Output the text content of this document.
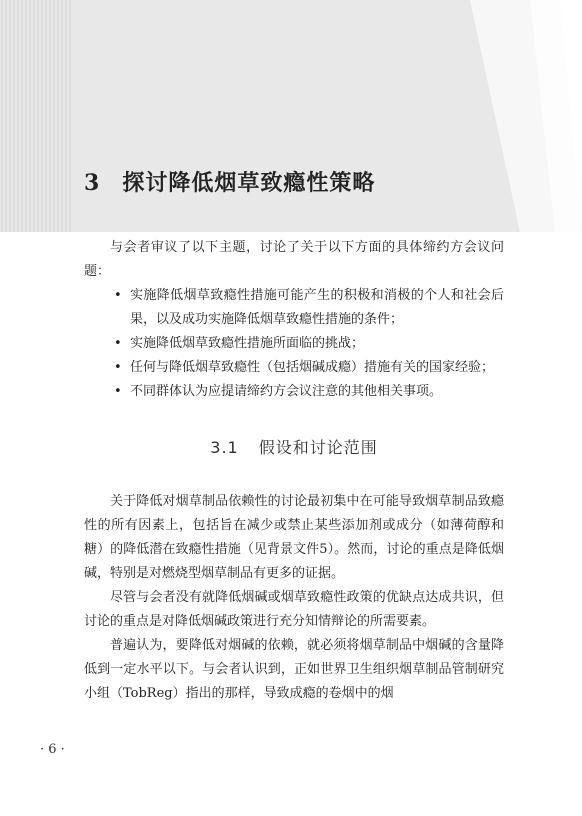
3 探讨降低烟草致瘾性策略

与会者审议了以下主题，讨论了关于以下方面的具体缔约方会议问题：

• 实施降低烟草致瘾性措施可能产生的积极和消极的个人和社会后果，以及成功实施降低烟草致瘾性措施的条件；
• 实施降低烟草致瘾性措施所面临的挑战；
• 任何与降低烟草致瘾性（包括烟碱成瘾）措施有关的国家经验；
• 不同群体认为应提请缔约方会议注意的其他相关事项。
3.1 假设和讨论范围

关于降低对烟草制品依赖性的讨论最初集中在可能导致烟草制品致瘾性的所有因素上，包括旨在减少或禁止某些添加剂或成分（如薄荷醇和糖）的降低潜在致瘾性措施（见背景文件5）。然而，讨论的重点是降低烟碱，特别是对燃烧型烟草制品有更多的证据。

尽管与会者没有就降低烟碱或烟草致瘾性政策的优缺点达成共识，但讨论的重点是对降低烟碱政策进行充分知情辩论的所需要素。

普遍认为，要降低对烟碱的依赖，就必须将烟草制品中烟碱的含量降低到一定水平以下。与会者认识到，正如世界卫生组织烟草制品管制研究小组（TobReg）指出的那样，导致成瘾的卷烟中的烟

· 6 ·
